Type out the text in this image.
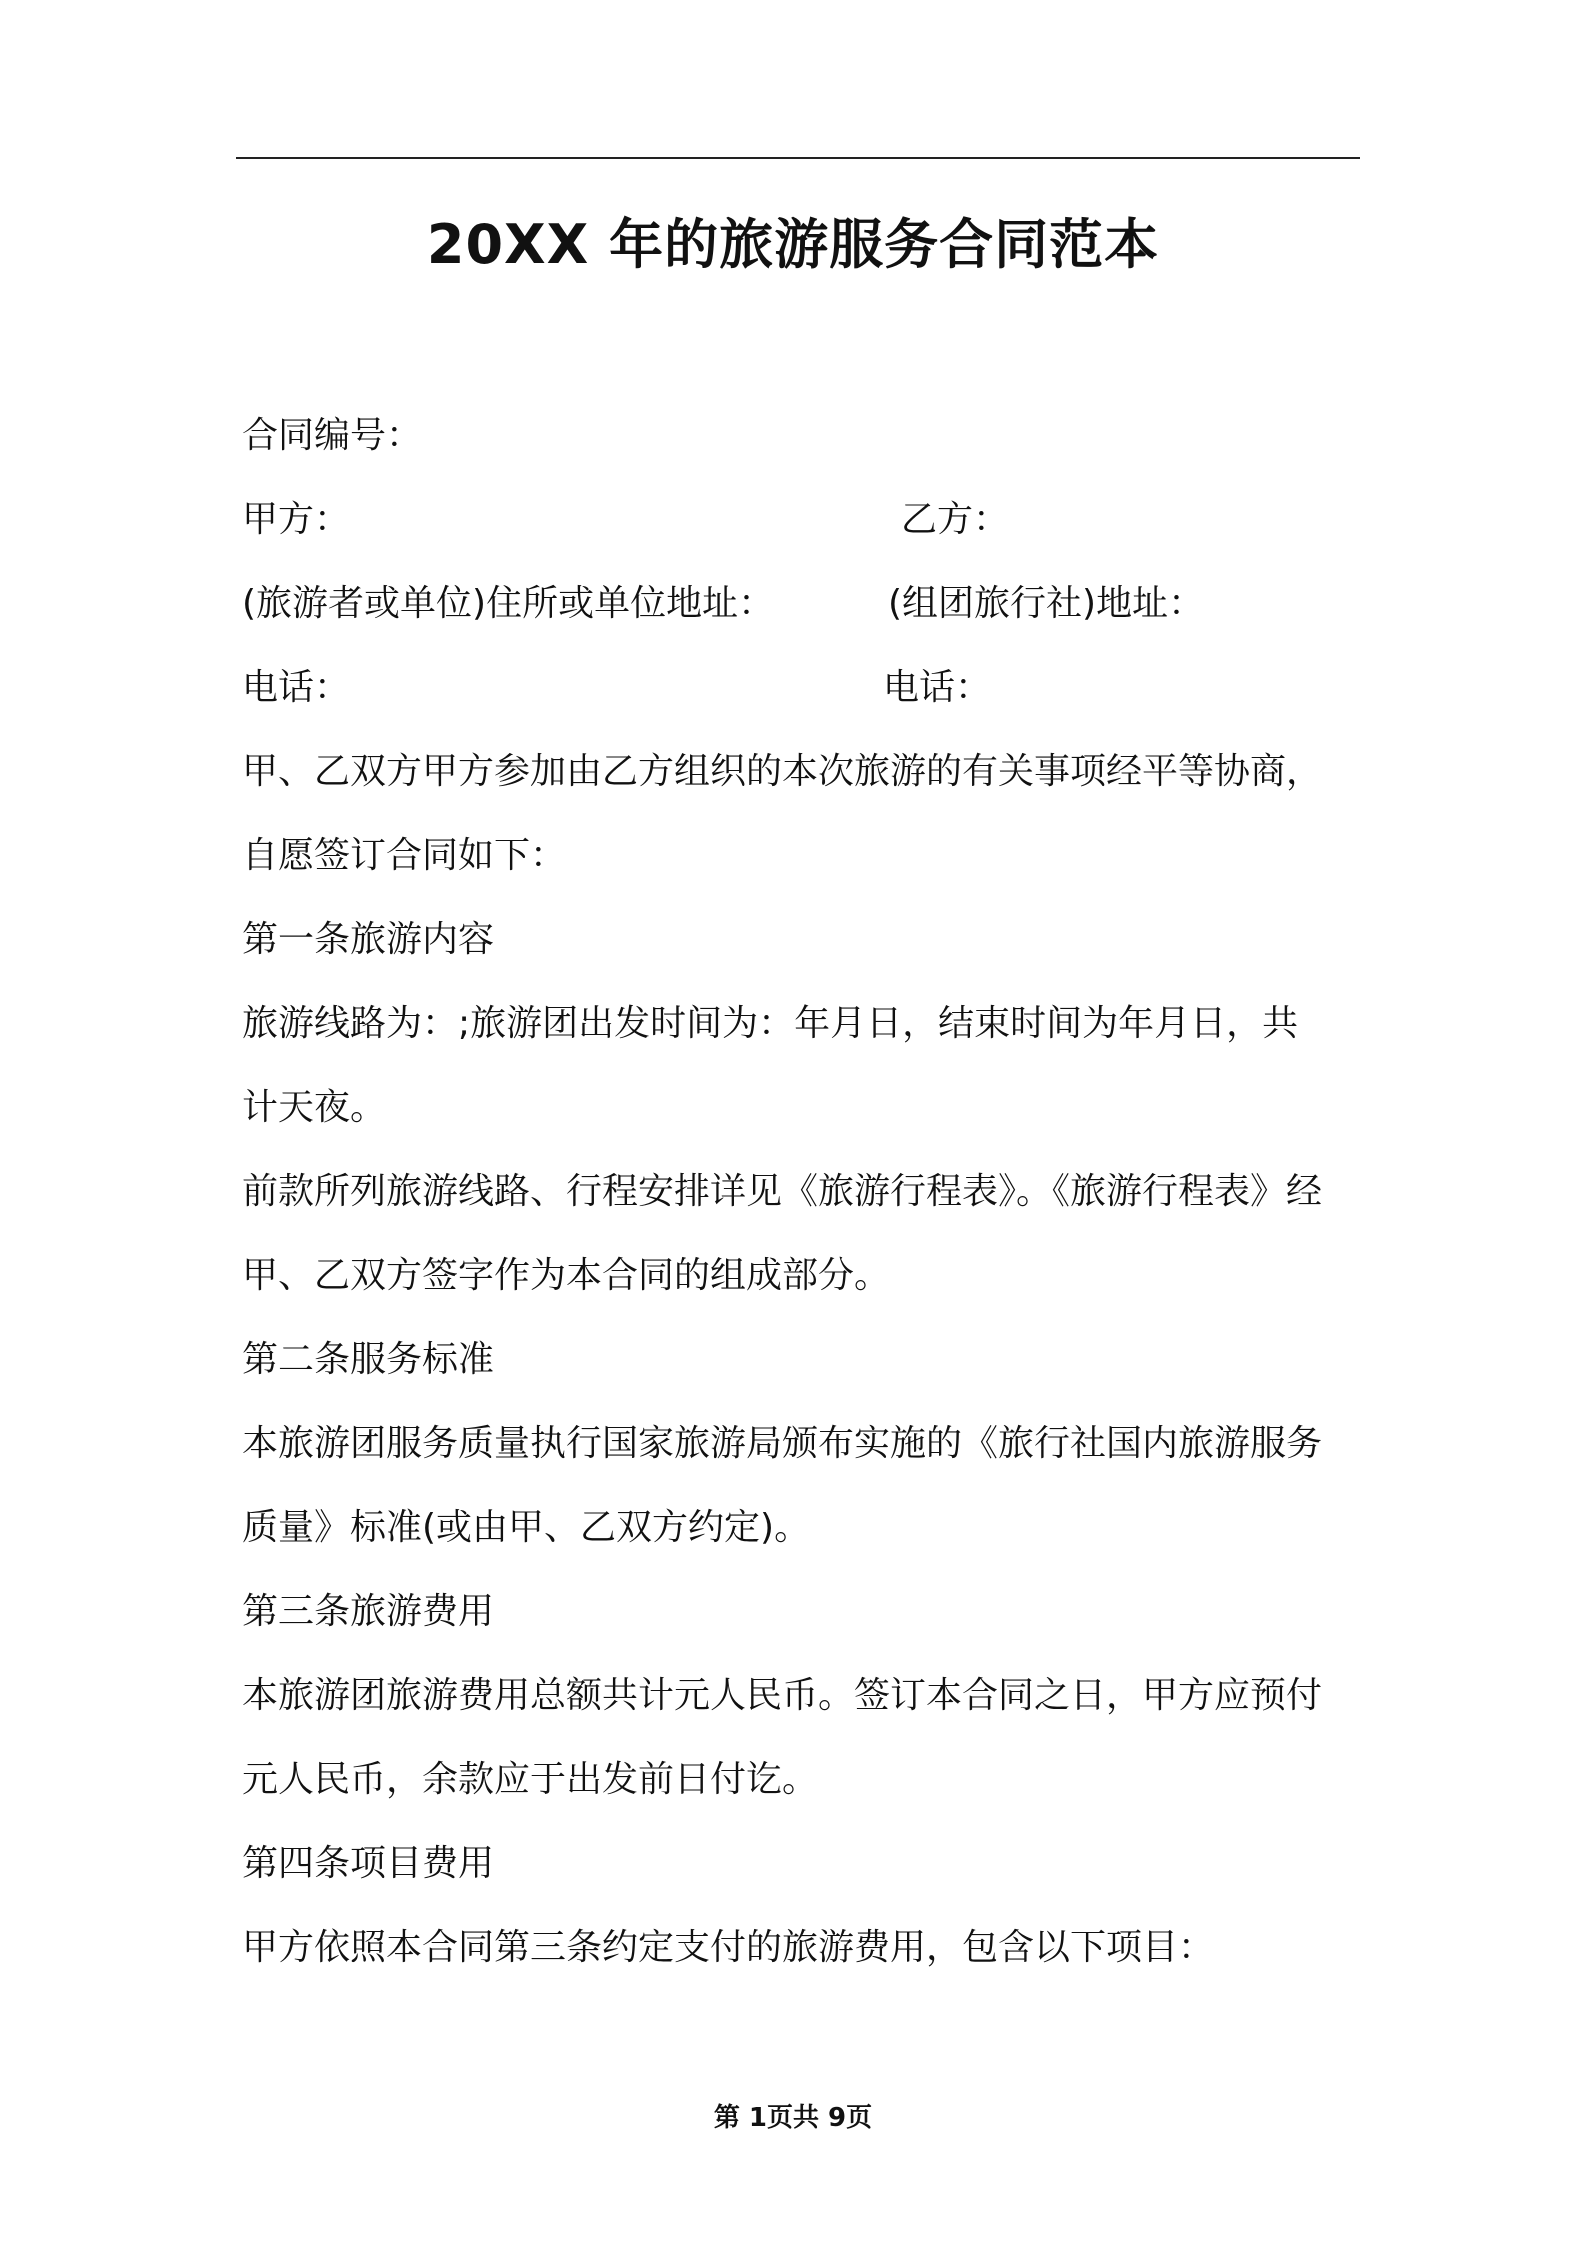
20XX 年的旅游服务合同范本
合同编号：
甲方：	乙方：
(旅游者或单位)住所或单位地址：	(组团旅行社)地址：
电话：	电话：
甲、乙双方甲方参加由乙方组织的本次旅游的有关事项经平等协商，
自愿签订合同如下：
第一条旅游内容
旅游线路为：;旅游团出发时间为：年月日，结束时间为年月日，共
计天夜。
前款所列旅游线路、行程安排详见《旅游行程表》。《旅游行程表》经
甲、乙双方签字作为本合同的组成部分。
第二条服务标准
本旅游团服务质量执行国家旅游局颁布实施的《旅行社国内旅游服务
质量》标准(或由甲、乙双方约定)。
第三条旅游费用
本旅游团旅游费用总额共计元人民币。签订本合同之日，甲方应预付
元人民币，余款应于出发前日付讫。
第四条项目费用
甲方依照本合同第三条约定支付的旅游费用，包含以下项目：
第 1页共 9页
